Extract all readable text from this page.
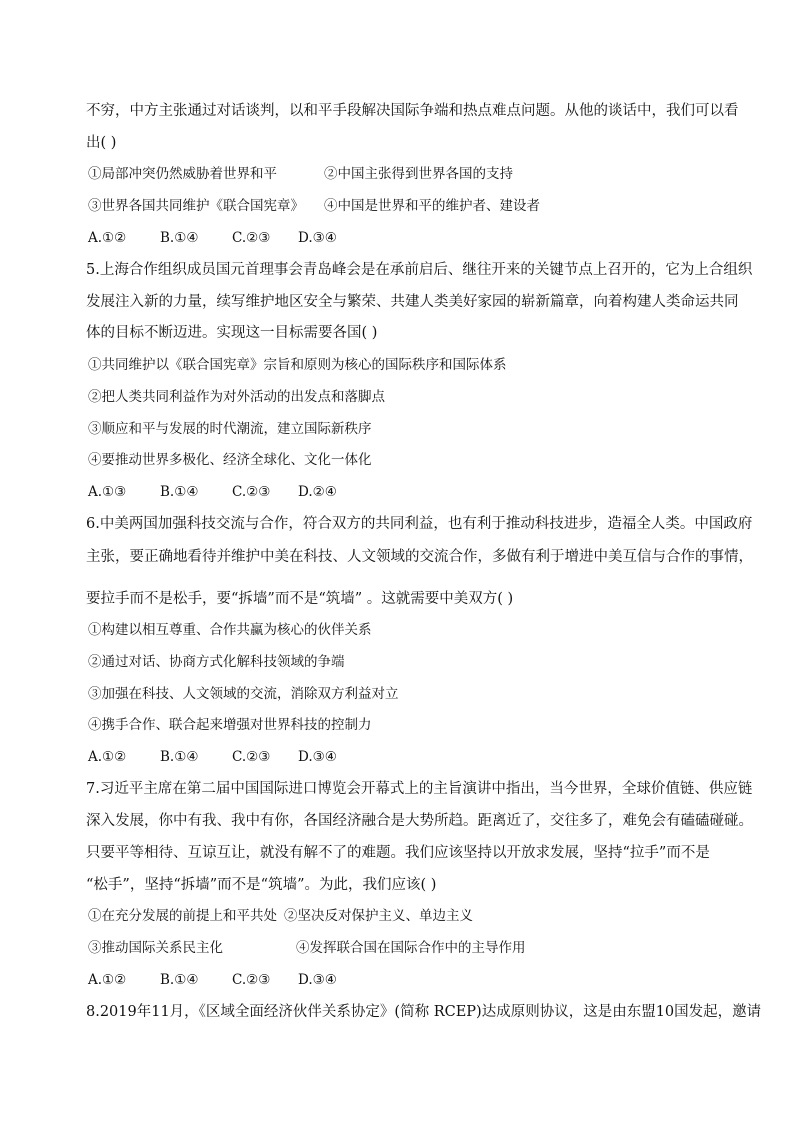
不穷，中方主张通过对话谈判，以和平手段解决国际争端和热点难点问题。从他的谈话中，我们可以看
出( )
①局部冲突仍然威胁着世界和平	②中国主张得到世界各国的支持
③世界各国共同维护《联合国宪章》 ④中国是世界和平的维护者、建设者
A.①②	B.①④ C.②③ D.③④
5.上海合作组织成员国元首理事会青岛峰会是在承前启后、继往开来的关键节点上召开的，它为上合组织
发展注入新的力量，续写维护地区安全与繁荣、共建人类美好家园的崭新篇章，向着构建人类命运共同
体的目标不断迈进。实现这一目标需要各国( )
①共同维护以《联合国宪章》宗旨和原则为核心的国际秩序和国际体系
②把人类共同利益作为对外活动的出发点和落脚点
③顺应和平与发展的时代潮流，建立国际新秩序
④要推动世界多极化、经济全球化、文化一体化
A.①③	B.①④ C.②③ D.②④
6.中美两国加强科技交流与合作，符合双方的共同利益，也有利于推动科技进步，造福全人类。中国政府
主张，要正确地看待并维护中美在科技、人文领域的交流合作，多做有利于增进中美互信与合作的事情，
要拉手而不是松手，要“拆墙”而不是“筑墙” 。这就需要中美双方( )
①构建以相互尊重、合作共赢为核心的伙伴关系
②通过对话、协商方式化解科技领域的争端
③加强在科技、人文领域的交流，消除双方利益对立
④携手合作、联合起来增强对世界科技的控制力
A.①②	B.①④ C.②③ D.③④
7.习近平主席在第二届中国国际进口博览会开幕式上的主旨演讲中指出，当今世界，全球价值链、供应链
深入发展，你中有我、我中有你，各国经济融合是大势所趋。距离近了，交往多了，难免会有磕磕碰碰。
只要平等相待、互谅互让，就没有解不了的难题。我们应该坚持以开放求发展，坚持“拉手”而不是
“松手”，坚持“拆墙”而不是“筑墙”。为此，我们应该( )
①在充分发展的前提上和平共处 ②坚决反对保护主义、单边主义
③推动国际关系民主化	④发挥联合国在国际合作中的主导作用
A.①②	B.①④ C.②③ D.③④
8.2019年11月，《区域全面经济伙伴关系协定》(简称 RCEP)达成原则协议，这是由东盟10国发起，邀请
